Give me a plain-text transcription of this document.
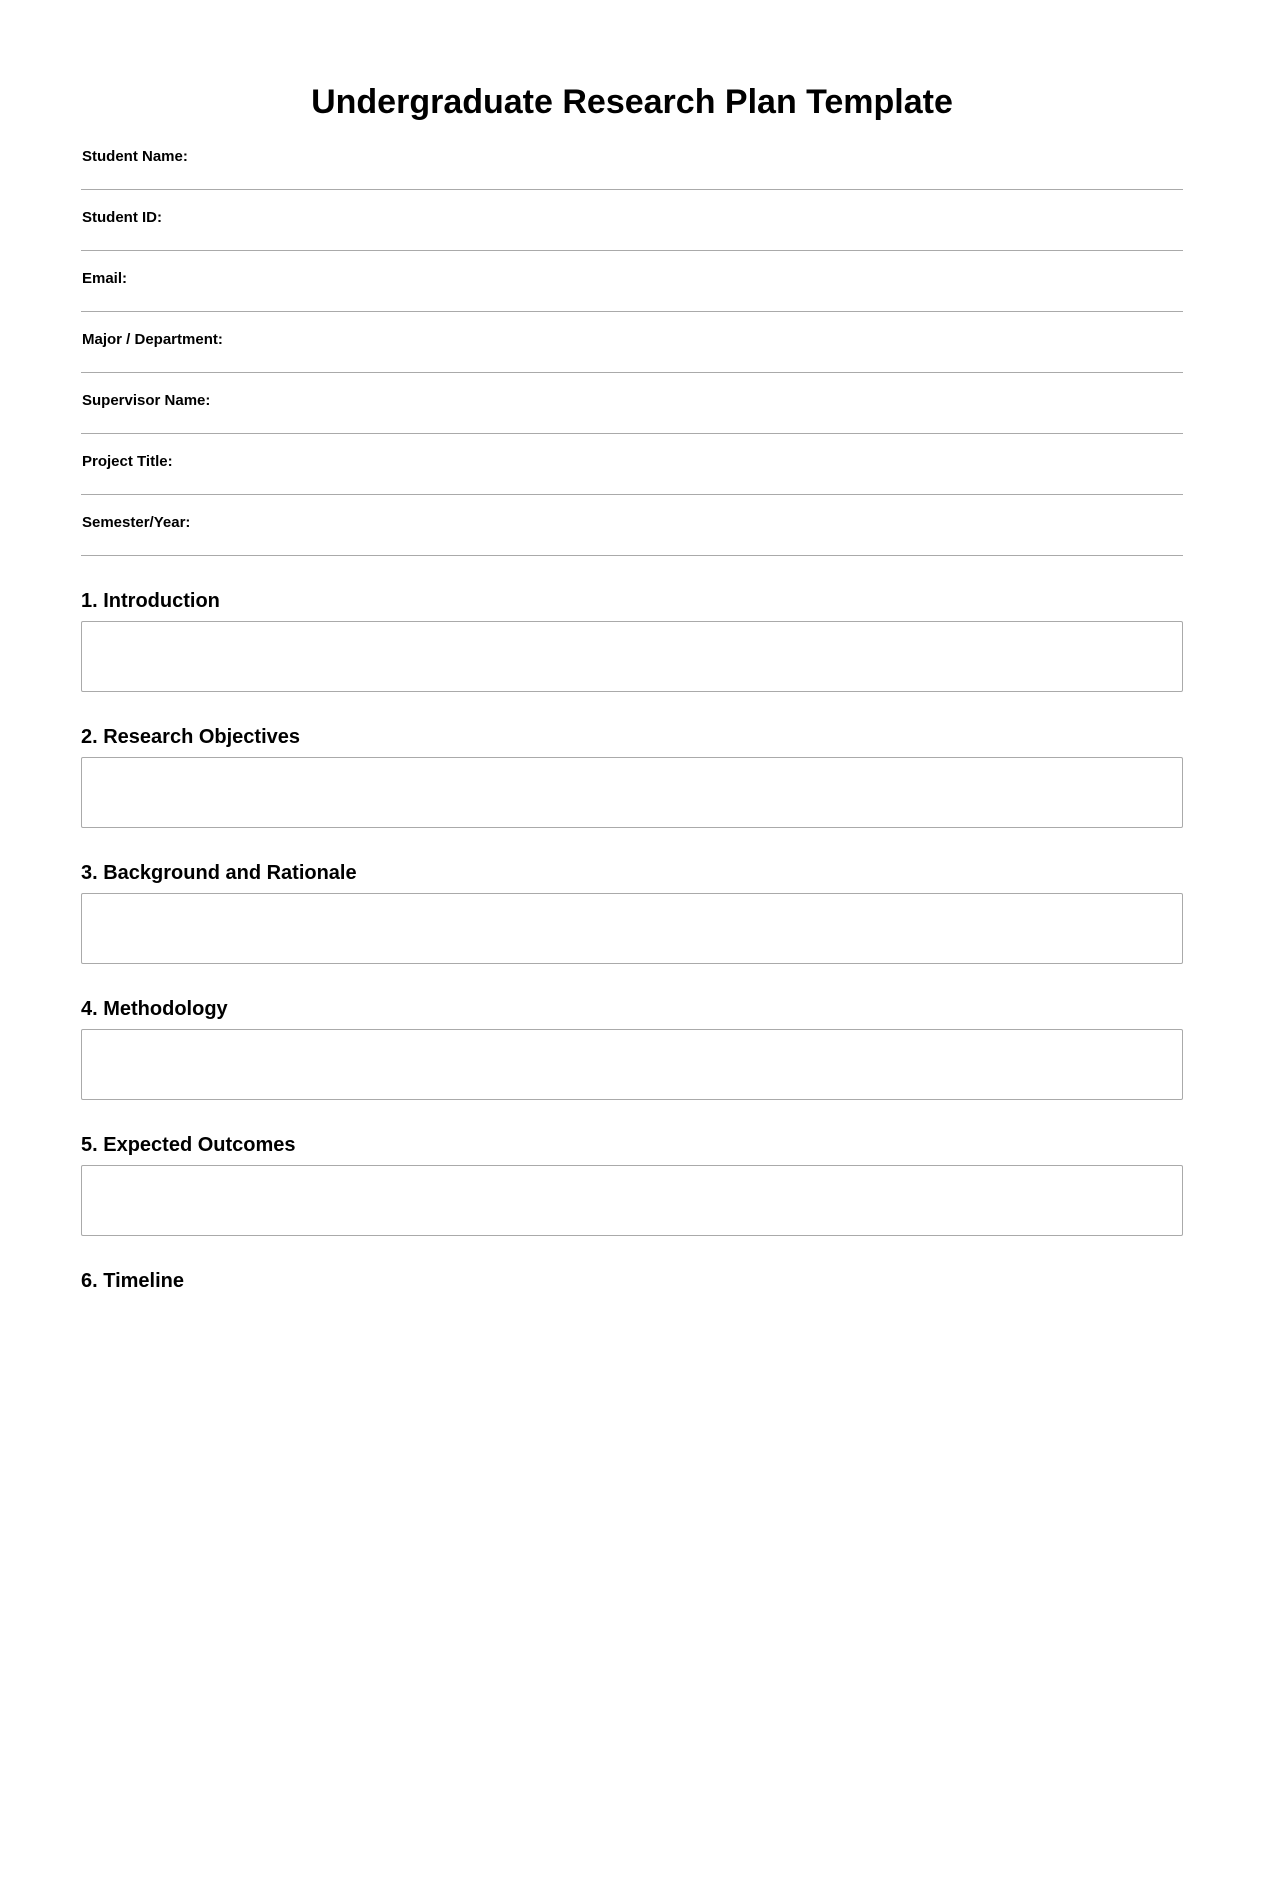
Undergraduate Research Plan Template
Student Name:
Student ID:
Email:
Major / Department:
Supervisor Name:
Project Title:
Semester/Year:
1. Introduction
2. Research Objectives
3. Background and Rationale
4. Methodology
5. Expected Outcomes
6. Timeline
